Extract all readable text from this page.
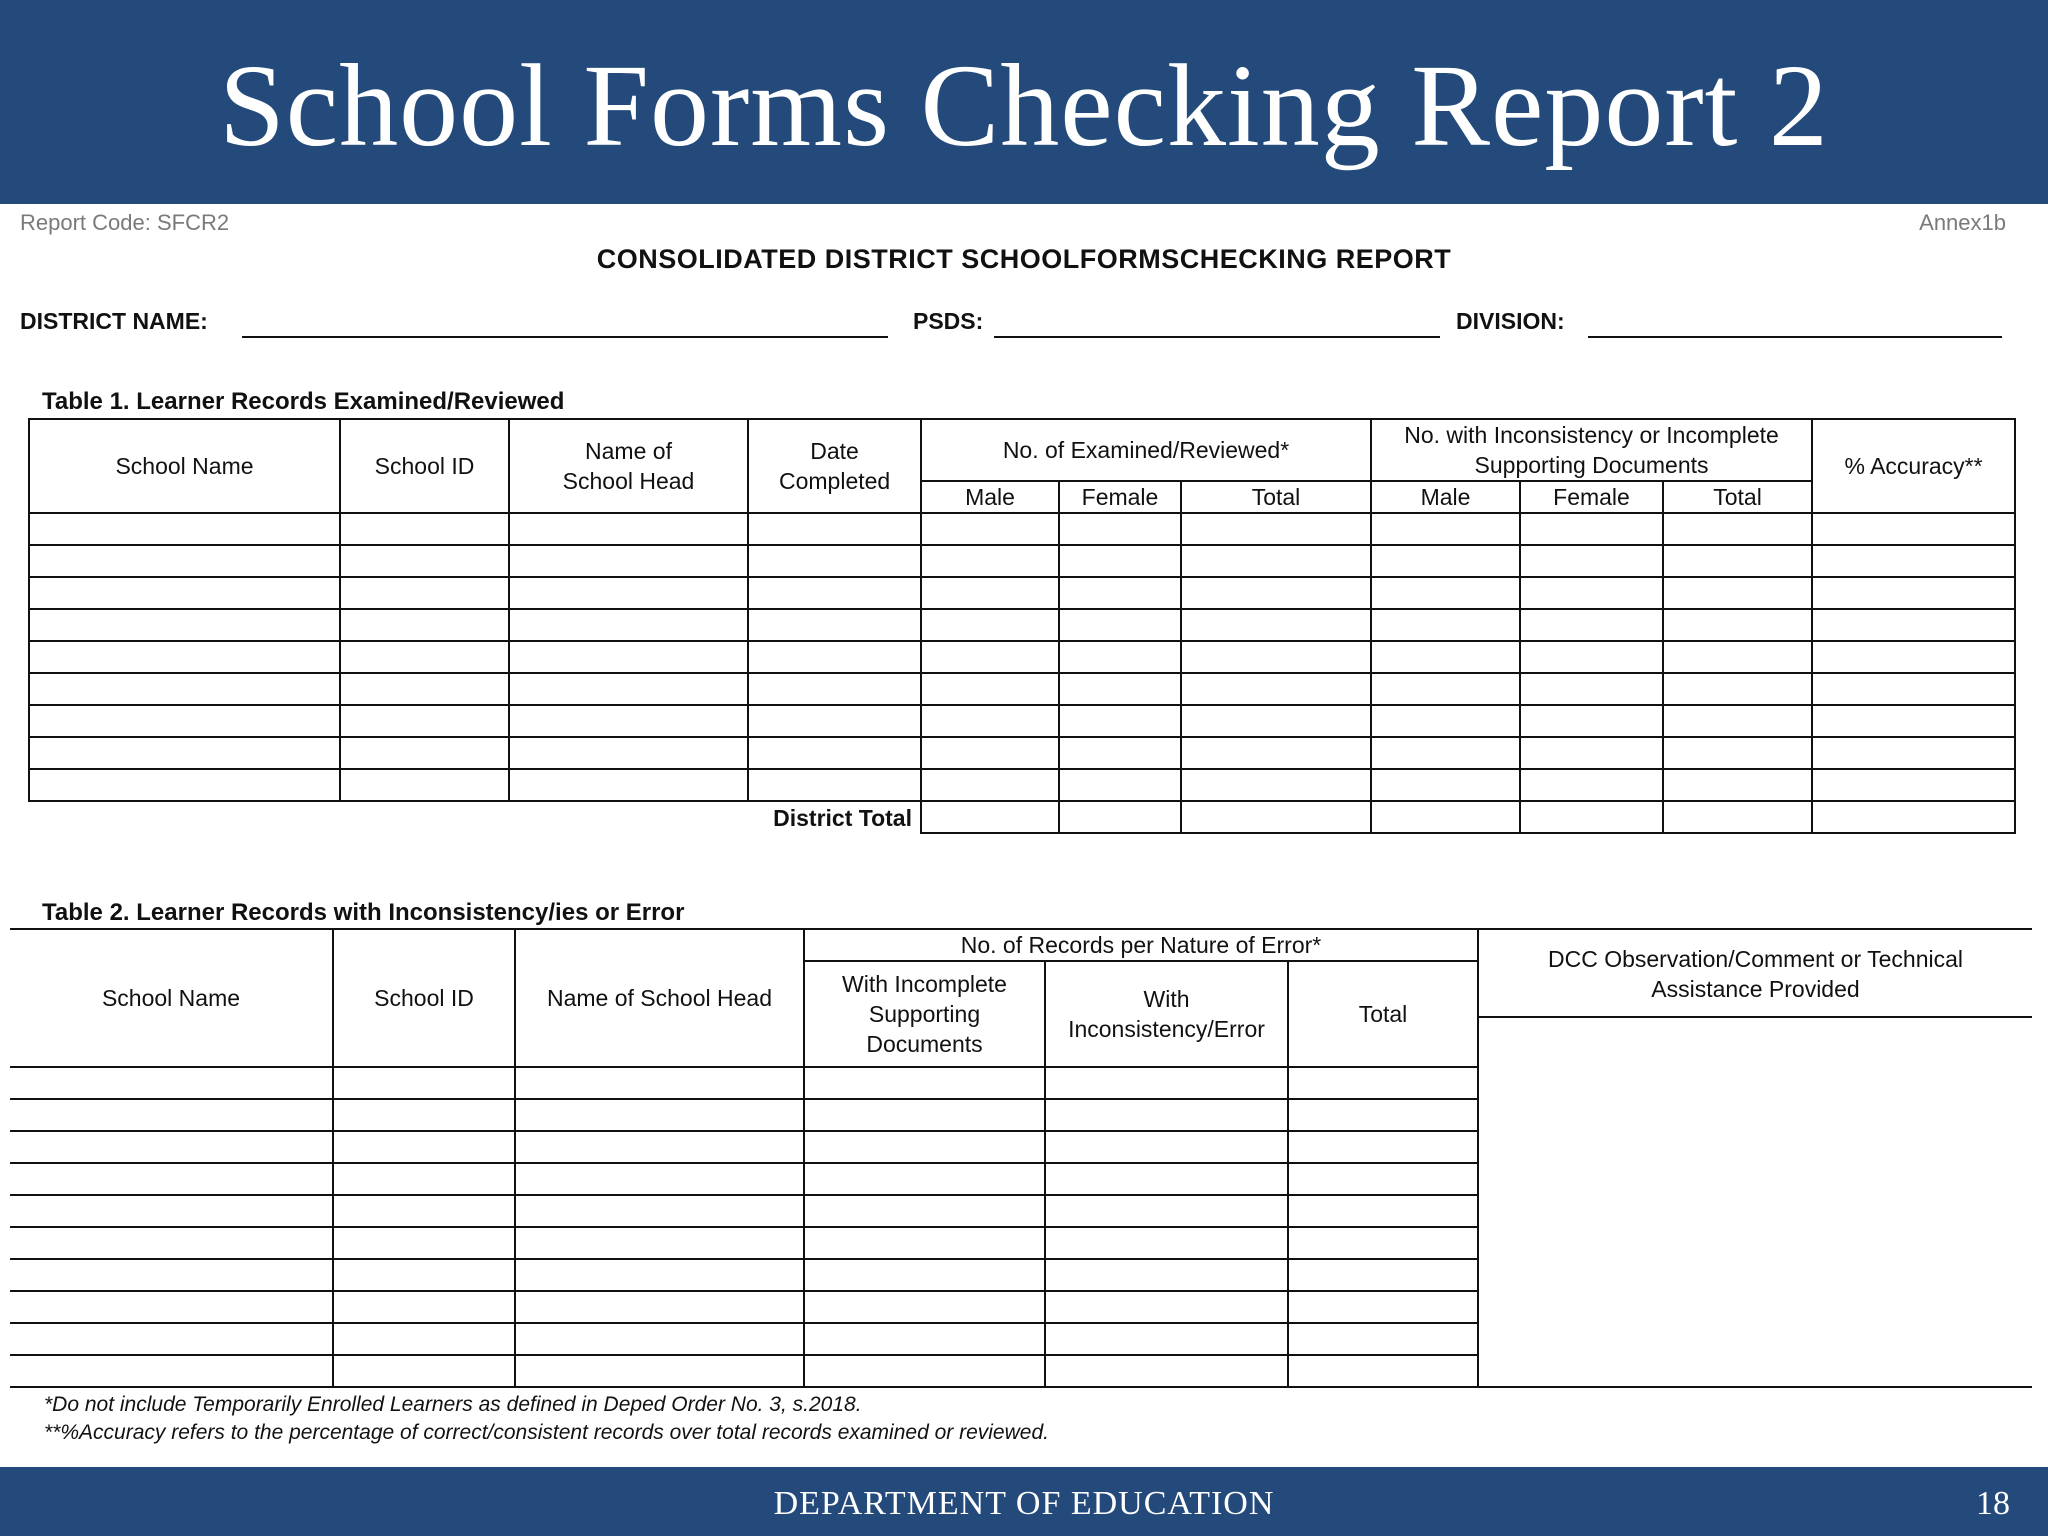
School Forms Checking Report 2
Report Code: SFCR2	Annex1b
CONSOLIDATED DISTRICT SCHOOLFORMSCHECKING REPORT
DISTRICT NAME:	PSDS:	DIVISION:
Table 1. Learner Records Examined/Reviewed
School Name	School ID	Name of School Head	Date Completed	No. of Examined/Reviewed*			No. with Inconsistency or Incomplete Supporting Documents			% Accuracy**
				Male	Female	Total	Male	Female	Total	

District Total										
Table 2. Learner Records with Inconsistency/ies or Error
School Name	School ID	Name of School Head	No. of Records per Nature of Error*			DCC Observation/Comment or Technical Assistance Provided

			With Incomplete Supporting Documents	With Inconsistency/Error	Total	

*Do not include Temporarily Enrolled Learners as defined in Deped Order No. 3, s.2018.
**%Accuracy refers to the percentage of correct/consistent records over total records examined or reviewed.
DEPARTMENT OF EDUCATION	18
